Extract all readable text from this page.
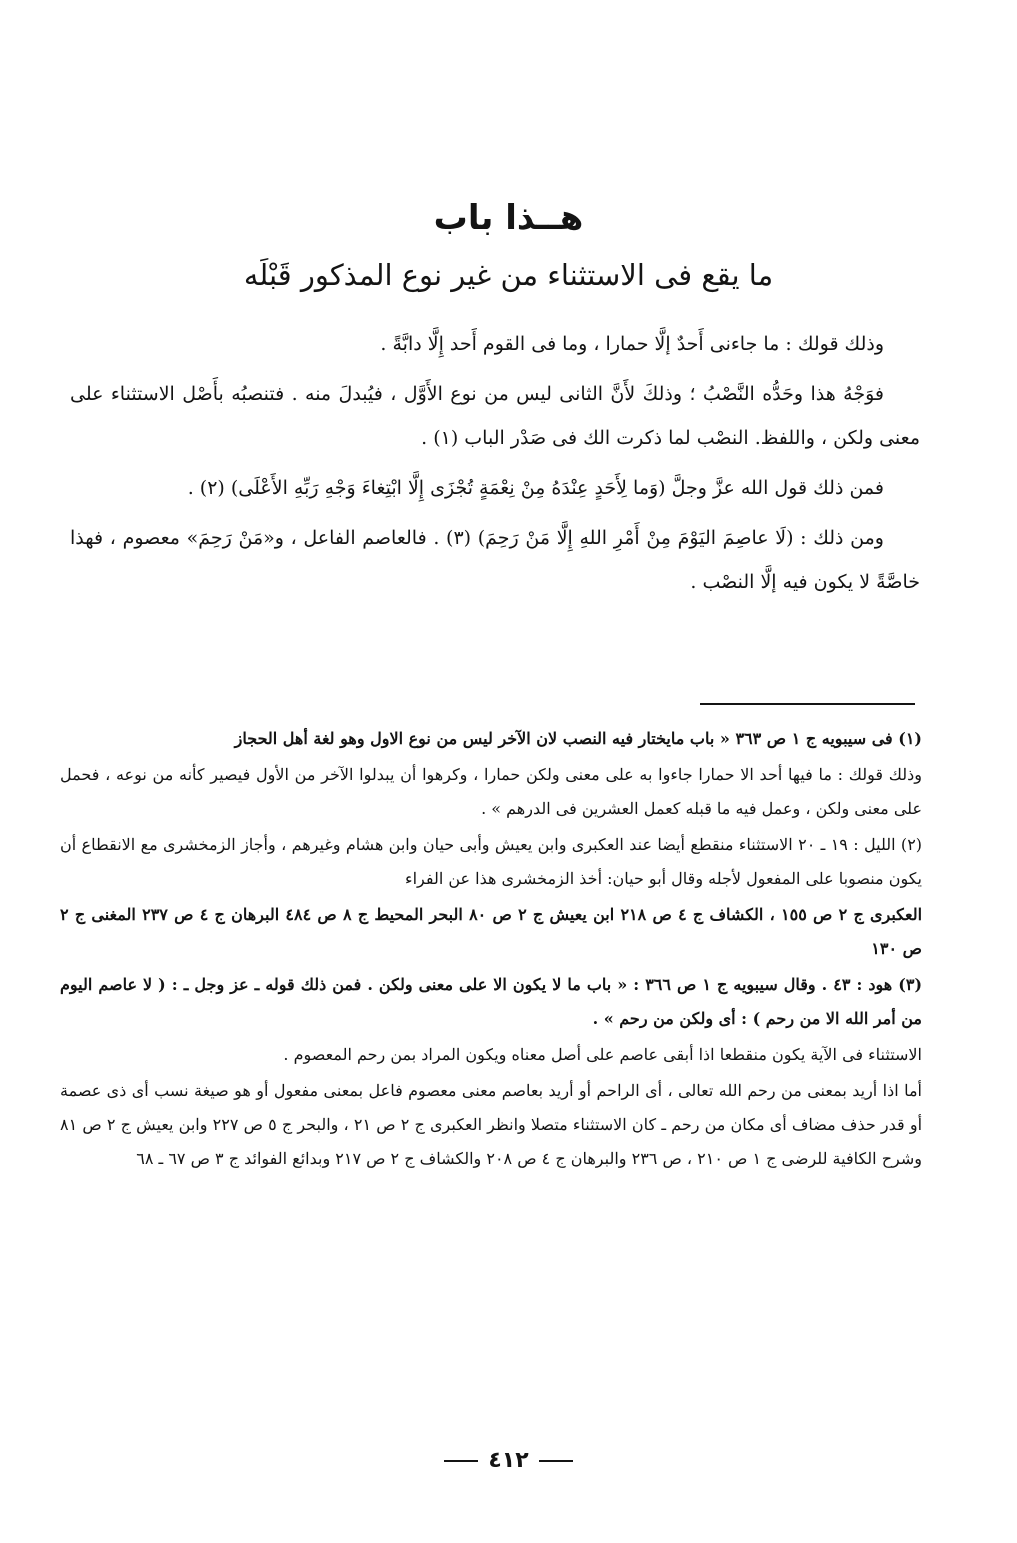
هــذا باب
ما يقع فى الاستثناء من غير نوع المذكور قَبْلَه

وذلك قولك : ما جاءنى أَحدٌ إلَّا حمارا ، وما فى القوم أَحد إِلَّا دابَّةً .

فوَجْهُ هذا وحَدُّه النَّصْبُ ؛ وذلكَ لأَنَّ الثانى ليس من نوع الأَوَّل ، فيُبدلَ منه . فتنصبُه بأَصْل الاستثناء على معنى ولكن ، واللفظ. النصْب لما ذكرت الك فى صَدْر الباب (١) .

فمن ذلك قول الله عزَّ وجلَّ (وَما لِأَحَدٍ عِنْدَهُ مِنْ نِعْمَةٍ تُجْزَى إِلَّا ابْتِغاءَ وَجْهِ رَبِّهِ الأَعْلَى) (٢) .

ومن ذلك : (لَا عاصِمَ اليَوْمَ مِنْ أَمْرِ اللهِ إِلَّا مَنْ رَحِمَ) (٣) . فالعاصم الفاعل ، و«مَنْ رَحِمَ» معصوم ، فهذا خاصَّةً لا يكون فيه إلَّا النصْب .

(١) فى سيبويه ج ١ ص ٣٦٣ « باب مايختار فيه النصب لان الآخر ليس من نوع الاول وهو لغة أهل الحجاز

وذلك قولك : ما فيها أحد الا حمارا جاءوا به على معنى ولكن حمارا ، وكرهوا أن يبدلوا الآخر من الأول فيصير كأنه من نوعه ، فحمل على معنى ولكن ، وعمل فيه ما قبله كعمل العشرين فى الدرهم » .

(٢) الليل : ١٩ ـ ٢٠ الاستثناء منقطع أيضا عند العكبرى وابن يعيش وأبى حيان وابن هشام وغيرهم ، وأجاز الزمخشرى مع الانقطاع أن يكون منصوبا على المفعول لأجله وقال أبو حيان: أخذ الزمخشرى هذا عن الفراء

العكبرى ج ٢ ص ١٥٥ ، الكشاف ج ٤ ص ٢١٨ ابن يعيش ج ٢ ص ٨٠ البحر المحيط ج ٨ ص ٤٨٤ البرهان ج ٤ ص ٢٣٧ المغنى ج ٢ ص ١٣٠

(٣) هود : ٤٣ . وقال سيبويه ج ١ ص ٣٦٦ : « باب ما لا يكون الا على معنى ولكن . فمن ذلك قوله ـ عز وجل ـ : ( لا عاصم اليوم من أمر الله الا من رحم ) : أى ولكن من رحم » .

الاستثناء فى الآية يكون منقطعا اذا أبقى عاصم على أصل معناه ويكون المراد بمن رحم المعصوم .

أما اذا أريد بمعنى من رحم الله تعالى ، أى الراحم أو أريد بعاصم معنى معصوم فاعل بمعنى مفعول أو هو صيغة نسب أى ذى عصمة أو قدر حذف مضاف أى مكان من رحم ـ كان الاستثناء متصلا وانظر العكبرى ج ٢ ص ٢١ ، والبحر ج ٥ ص ٢٢٧ وابن يعيش ج ٢ ص ٨١ وشرح الكافية للرضى ج ١ ص ٢١٠ ، ص ٢٣٦ والبرهان ج ٤ ص ٢٠٨ والكشاف ج ٢ ص ٢١٧ وبدائع الفوائد ج ٣ ص ٦٧ ـ ٦٨

٤١٢
